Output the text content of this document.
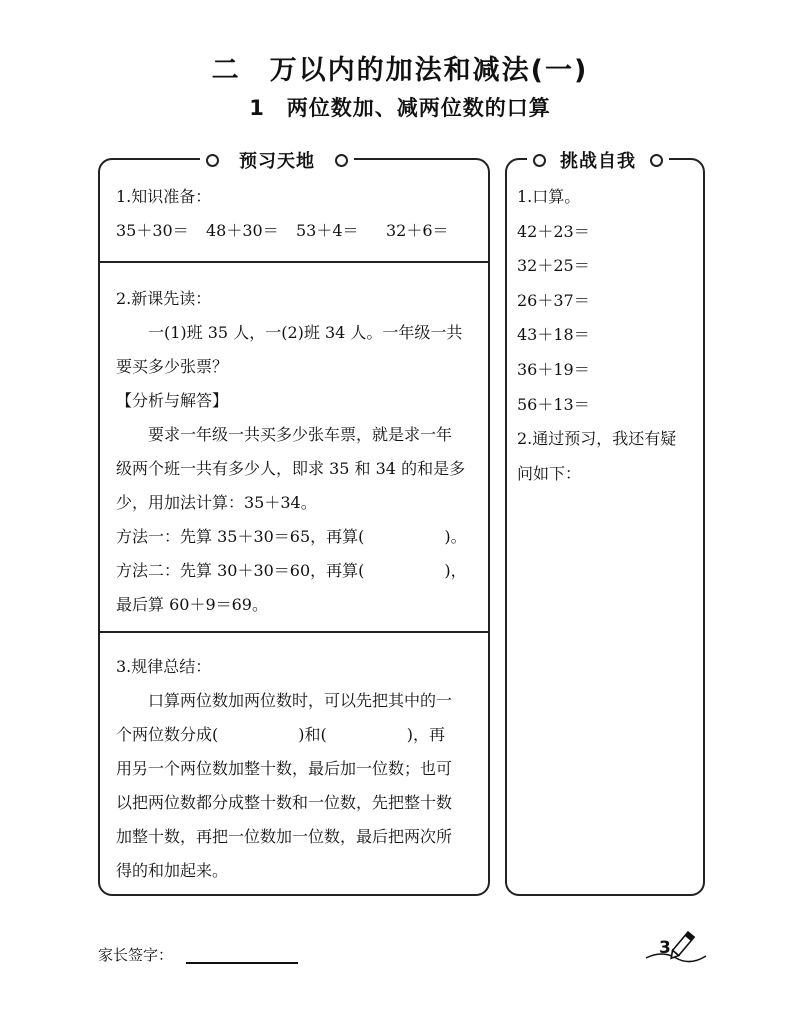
二　万以内的加法和减法(一)
1　两位数加、减两位数的口算
预习天地
1.知识准备：
35＋30＝	48＋30＝	53＋4＝	32＋6＝
2.新课先读：
一(1)班 35 人，一(2)班 34 人。一年级一共
要买多少张票？
【分析与解答】
要求一年级一共买多少张车票，就是求一年
级两个班一共有多少人，即求 35 和 34 的和是多
少，用加法计算：35＋34。
方法一：先算 35＋30＝65，再算(　　　　　)。
方法二：先算 30＋30＝60，再算(　　　　　)，
最后算 60＋9＝69。
3.规律总结：
口算两位数加两位数时，可以先把其中的一
个两位数分成(　　　　　)和(　　　　　)，再
用另一个两位数加整十数，最后加一位数；也可
以把两位数都分成整十数和一位数，先把整十数
加整十数，再把一位数加一位数，最后把两次所
得的和加起来。
挑战自我
1.口算。
42＋23＝
32＋25＝
26＋37＝
43＋18＝
36＋19＝
56＋13＝
2.通过预习，我还有疑
问如下：
家长签字：	3
